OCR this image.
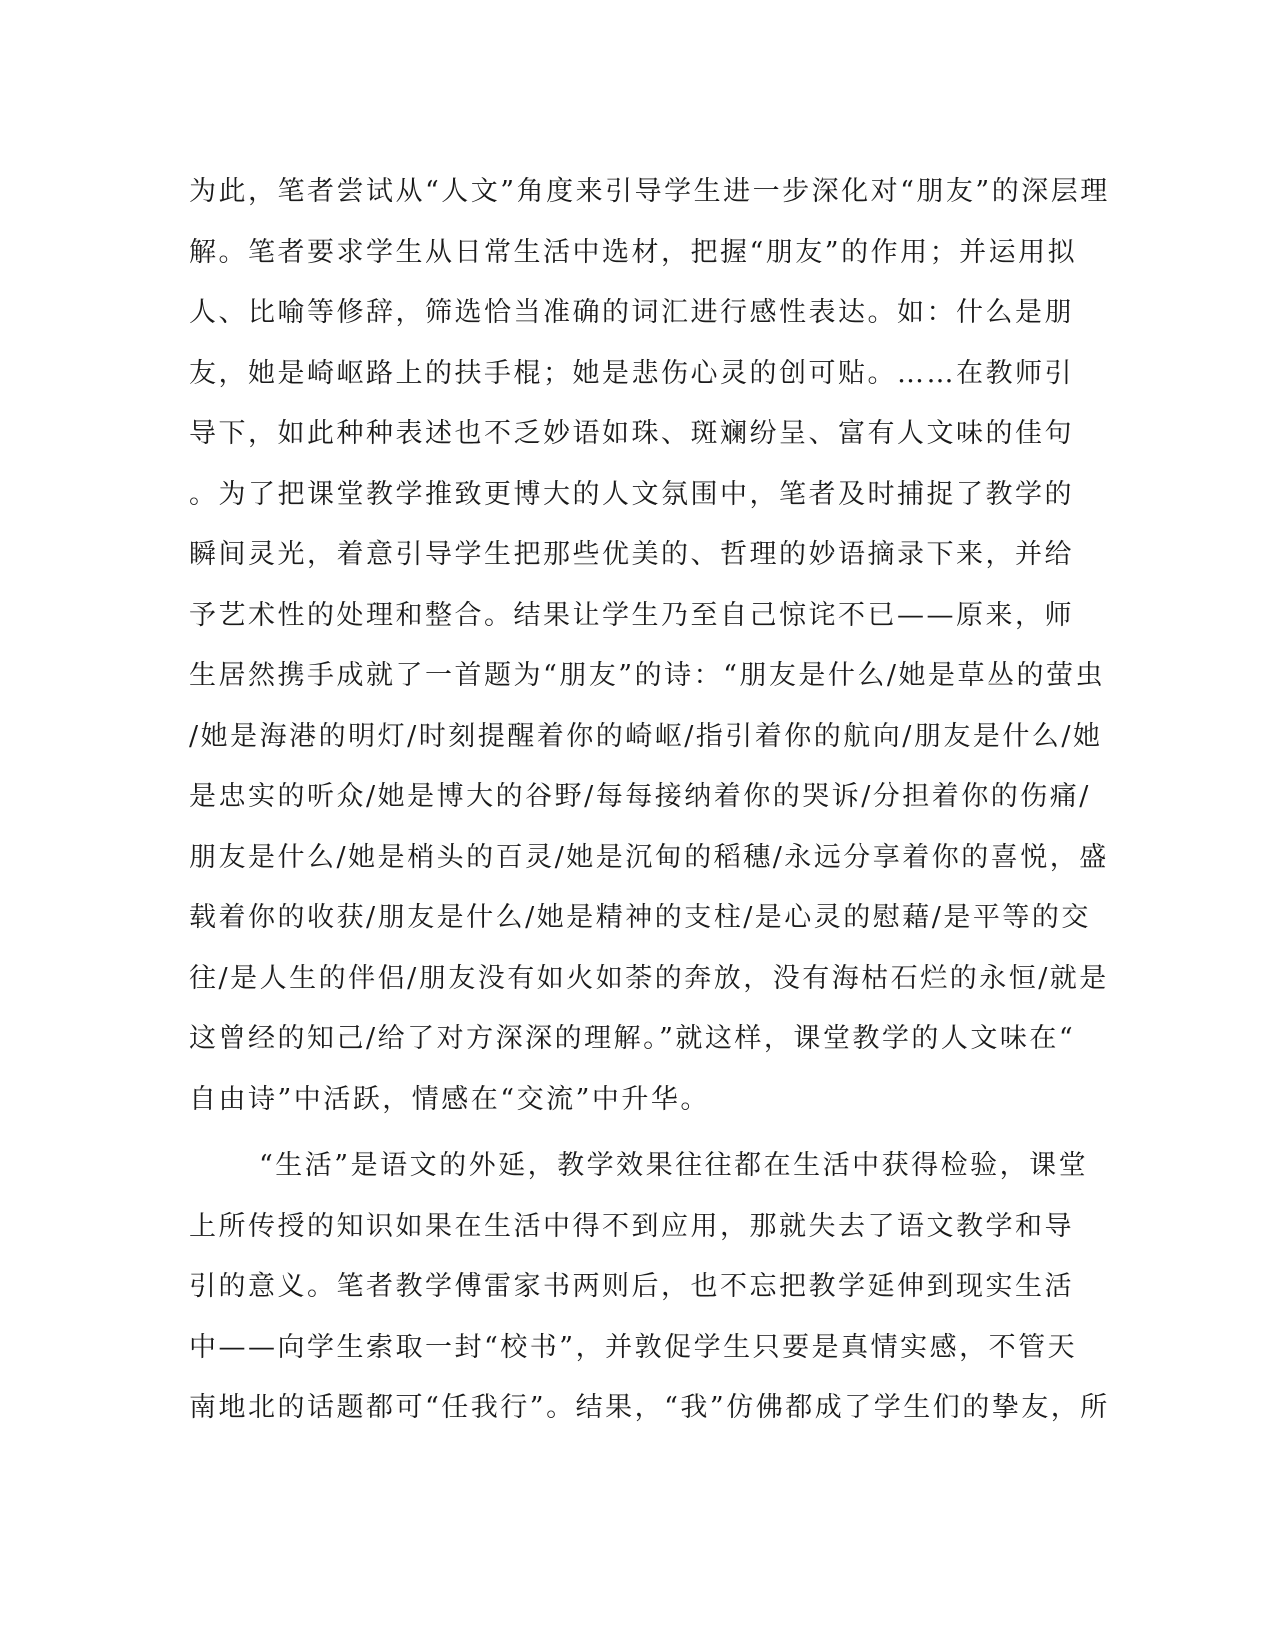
为此，笔者尝试从“人文”角度来引导学生进一步深化对“朋友”的深层理
解。笔者要求学生从日常生活中选材，把握“朋友”的作用；并运用拟
人、比喻等修辞，筛选恰当准确的词汇进行感性表达。如：什么是朋
友，她是崎岖路上的扶手棍；她是悲伤心灵的创可贴。……在教师引
导下，如此种种表述也不乏妙语如珠、斑斓纷呈、富有人文味的佳句
。为了把课堂教学推致更博大的人文氛围中，笔者及时捕捉了教学的
瞬间灵光，着意引导学生把那些优美的、哲理的妙语摘录下来，并给
予艺术性的处理和整合。结果让学生乃至自己惊诧不已——原来，师
生居然携手成就了一首题为“朋友”的诗：“朋友是什么/她是草丛的萤虫
/她是海港的明灯/时刻提醒着你的崎岖/指引着你的航向/朋友是什么/她
是忠实的听众/她是博大的谷野/每每接纳着你的哭诉/分担着你的伤痛/
朋友是什么/她是梢头的百灵/她是沉甸的稻穗/永远分享着你的喜悦，盛
载着你的收获/朋友是什么/她是精神的支柱/是心灵的慰藉/是平等的交
往/是人生的伴侣/朋友没有如火如荼的奔放，没有海枯石烂的永恒/就是
这曾经的知己/给了对方深深的理解。”就这样，课堂教学的人文味在“
自由诗”中活跃，情感在“交流”中升华。
“生活”是语文的外延，教学效果往往都在生活中获得检验，课堂
上所传授的知识如果在生活中得不到应用，那就失去了语文教学和导
引的意义。笔者教学傅雷家书两则后，也不忘把教学延伸到现实生活
中——向学生索取一封“校书”，并敦促学生只要是真情实感，不管天
南地北的话题都可“任我行”。结果，“我”仿佛都成了学生们的挚友，所
